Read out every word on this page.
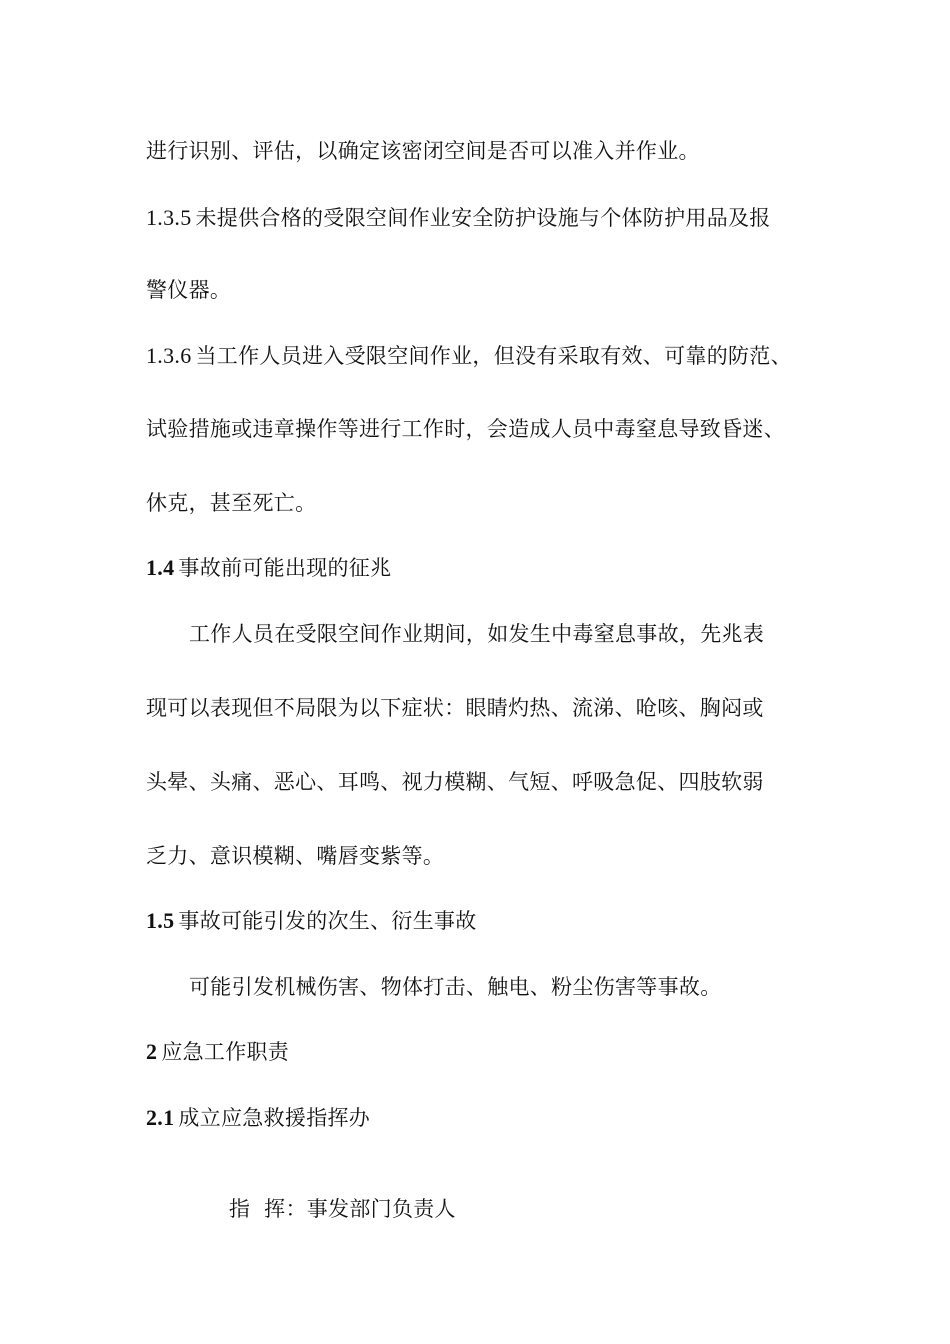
进行识别、评估，以确定该密闭空间是否可以准入并作业。
1.3.5 未提供合格的受限空间作业安全防护设施与个体防护用品及报
警仪器。
1.3.6 当工作人员进入受限空间作业，但没有采取有效、可靠的防范、
试验措施或违章操作等进行工作时，会造成人员中毒窒息导致昏迷、
休克，甚至死亡。
1.4 事故前可能出现的征兆
工作人员在受限空间作业期间，如发生中毒窒息事故，先兆表
现可以表现但不局限为以下症状：眼睛灼热、流涕、呛咳、胸闷或
头晕、头痛、恶心、耳鸣、视力模糊、气短、呼吸急促、四肢软弱
乏力、意识模糊、嘴唇变紫等。
1.5 事故可能引发的次生、衍生事故
可能引发机械伤害、物体打击、触电、粉尘伤害等事故。
2 应急工作职责
2.1 成立应急救援指挥办

指  挥：事发部门负责人
